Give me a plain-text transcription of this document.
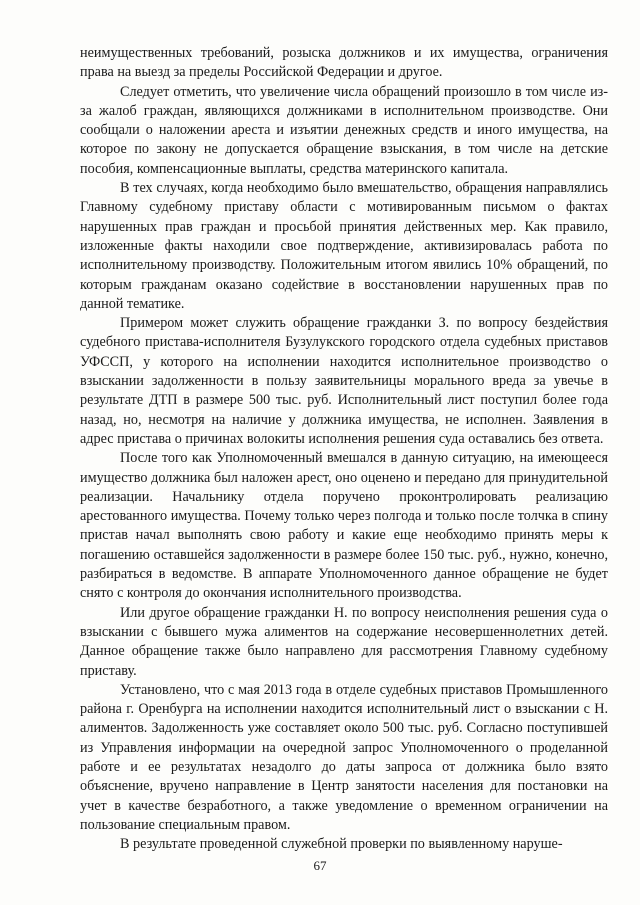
неимущественных требований, розыска должников и их имущества, ограничения права на выезд за пределы Российской Федерации и другое.

Следует отметить, что увеличение числа обращений произошло в том числе из-за жалоб граждан, являющихся должниками в исполнительном производстве. Они сообщали о наложении ареста и изъятии денежных средств и иного имущества, на которое по закону не допускается обращение взыскания, в том числе на детские пособия, компенсационные выплаты, средства материнского капитала.

В тех случаях, когда необходимо было вмешательство, обращения направлялись Главному судебному приставу области с мотивированным письмом о фактах нарушенных прав граждан и просьбой принятия действенных мер. Как правило, изложенные факты находили свое подтверждение, активизировалась работа по исполнительному производству. Положительным итогом явились 10% обращений, по которым гражданам оказано содействие в восстановлении нарушенных прав по данной тематике.

Примером может служить обращение гражданки З. по вопросу бездействия судебного пристава-исполнителя Бузулукского городского отдела судебных приставов УФССП, у которого на исполнении находится исполнительное производство о взыскании задолженности в пользу заявительницы морального вреда за увечье в результате ДТП в размере 500 тыс. руб. Исполнительный лист поступил более года назад, но, несмотря на наличие у должника имущества, не исполнен. Заявления в адрес пристава о причинах волокиты исполнения решения суда оставались без ответа.

После того как Уполномоченный вмешался в данную ситуацию, на имеющееся имущество должника был наложен арест, оно оценено и передано для принудительной реализации. Начальнику отдела поручено проконтролировать реализацию арестованного имущества. Почему только через полгода и только после толчка в спину пристав начал выполнять свою работу и какие еще необходимо принять меры к погашению оставшейся задолженности в размере более 150 тыс. руб., нужно, конечно, разбираться в ведомстве. В аппарате Уполномоченного данное обращение не будет снято с контроля до окончания исполнительного производства.

Или другое обращение гражданки Н. по вопросу неисполнения решения суда о взыскании с бывшего мужа алиментов на содержание несовершеннолетних детей. Данное обращение также было направлено для рассмотрения Главному судебному приставу.

Установлено, что с мая 2013 года в отделе судебных приставов Промышленного района г. Оренбурга на исполнении находится исполнительный лист о взыскании с Н. алиментов. Задолженность уже составляет около 500 тыс. руб. Согласно поступившей из Управления информации на очередной запрос Уполномоченного о проделанной работе и ее результатах незадолго до даты запроса от должника было взято объяснение, вручено направление в Центр занятости населения для постановки на учет в качестве безработного, а также уведомление о временном ограничении на пользование специальным правом.

В результате проведенной служебной проверки по выявленному наруше-

67
